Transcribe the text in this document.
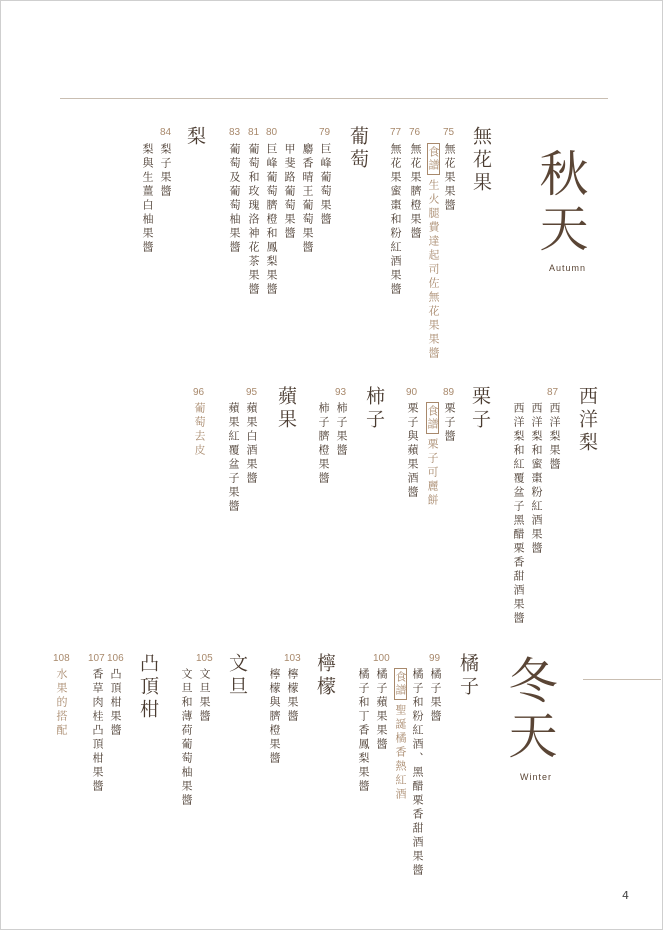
秋天
Autumn
冬天
Winter
無花果
75
無花果果醬
76
食譜生火腿費達起司佐無花果果醬
無花果臍橙果醬
77
無花果蜜棗和粉紅酒果醬
葡萄
79
巨峰葡萄果醬
麝香晴王葡萄果醬
甲斐路葡萄果醬
80
巨峰葡萄臍橙和鳳梨果醬
81
葡萄和玫瑰洛神花茶果醬
83
葡萄及葡萄柚果醬
梨
84
梨子果醬
梨與生薑白柚果醬
西洋梨
87
西洋梨果醬
西洋梨和蜜棗粉紅酒果醬
西洋梨和紅覆盆子黑醋栗香甜酒果醬
栗子
89
栗子醬
食譜栗子可麗餅
90
栗子與蘋果酒醬
柿子
93
柿子果醬
柿子臍橙果醬
蘋果
95
蘋果白酒果醬
蘋果紅覆盆子果醬
96
葡萄去皮
橘子
99
橘子果醬
橘子和粉紅酒、黑醋栗香甜酒果醬
食譜聖誕橘香熱紅酒
100
橘子蘋果果醬
橘子和丁香鳳梨果醬
檸檬
103
檸檬果醬
檸檬與臍橙果醬
文旦
105
文旦果醬
文旦和薄荷葡萄柚果醬
凸頂柑
106
凸頂柑果醬
107
香草肉桂凸頂柑果醬
108
水果的搭配
4
